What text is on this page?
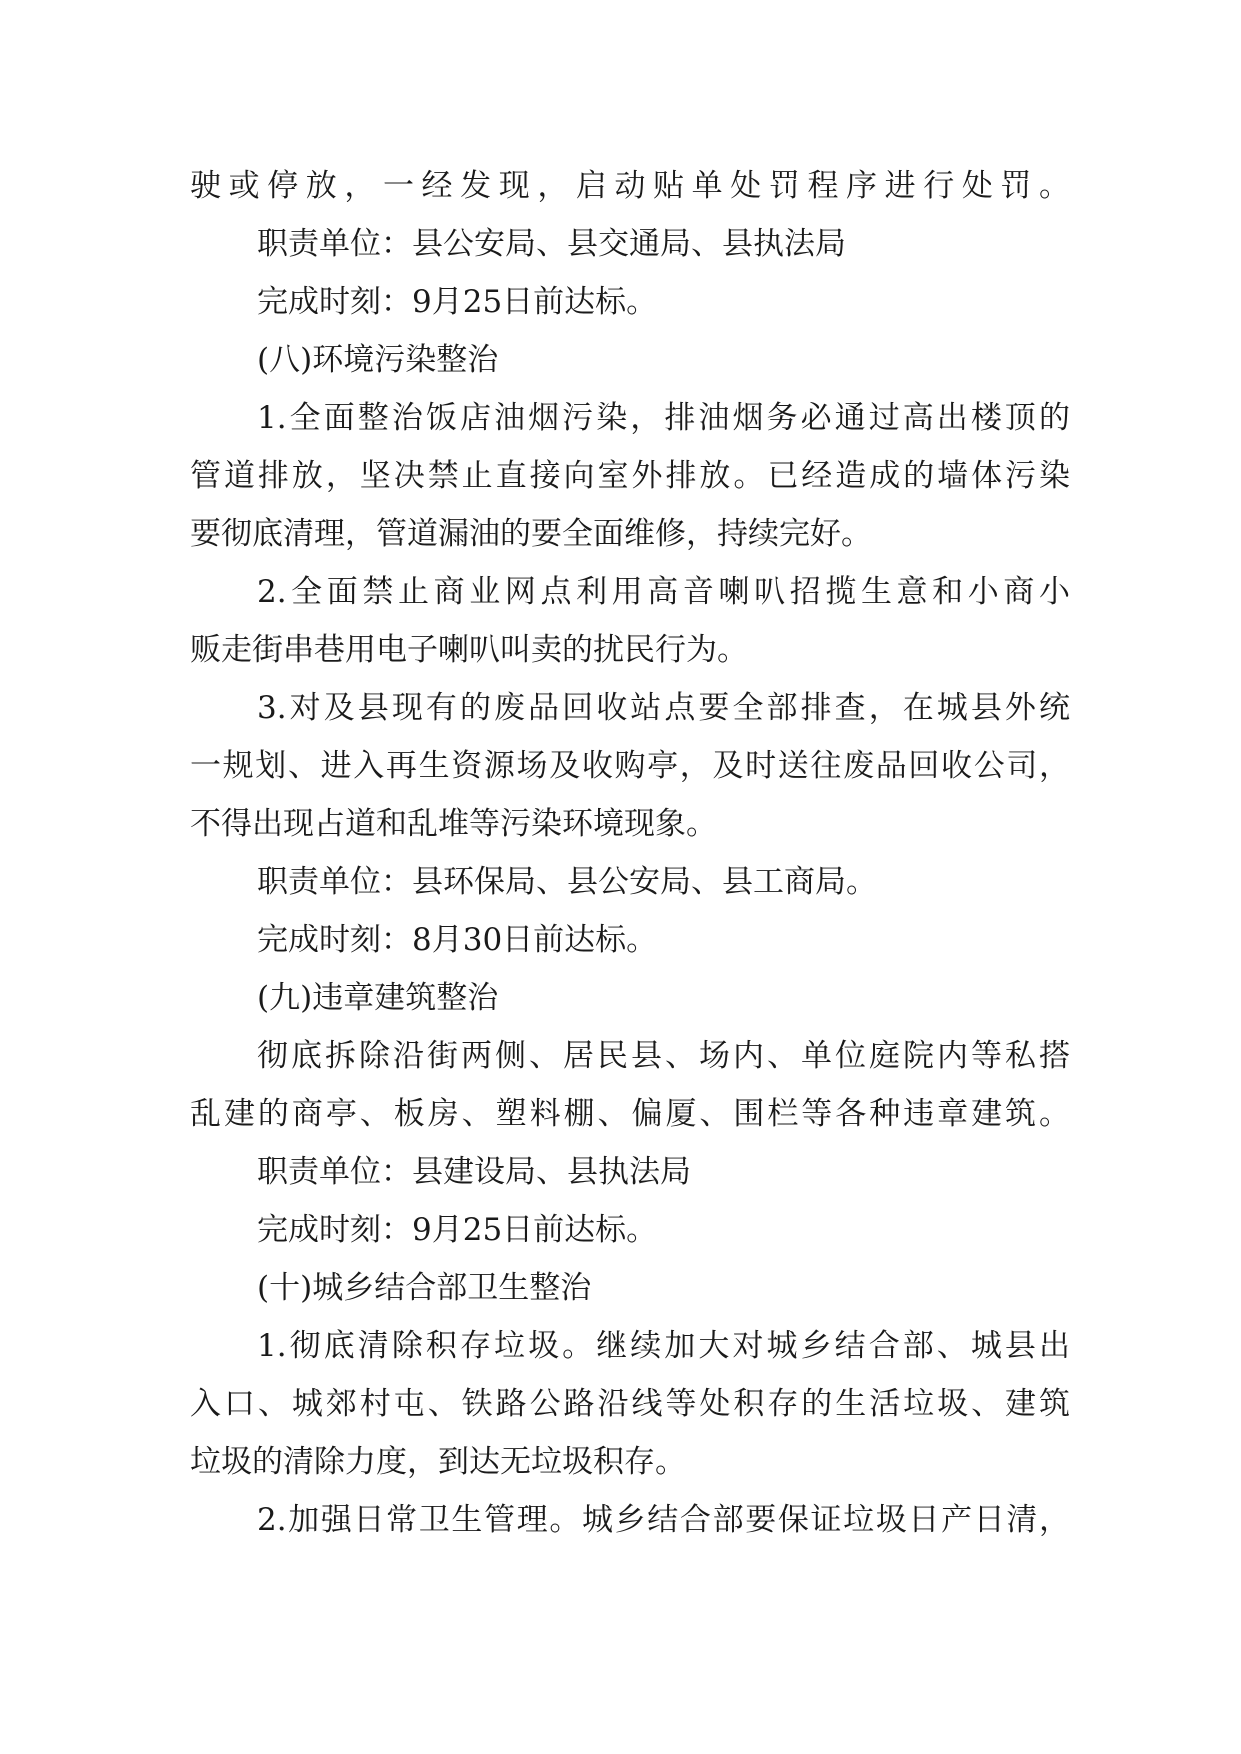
驶或停放，一经发现，启动贴单处罚程序进行处罚。
职责单位：县公安局、县交通局、县执法局
完成时刻：9月25日前达标。
(八)环境污染整治
1.全面整治饭店油烟污染，排油烟务必通过高出楼顶的
管道排放，坚决禁止直接向室外排放。已经造成的墙体污染
要彻底清理，管道漏油的要全面维修，持续完好。
2.全面禁止商业网点利用高音喇叭招揽生意和小商小
贩走街串巷用电子喇叭叫卖的扰民行为。
3.对及县现有的废品回收站点要全部排查，在城县外统
一规划、进入再生资源场及收购亭，及时送往废品回收公司，
不得出现占道和乱堆等污染环境现象。
职责单位：县环保局、县公安局、县工商局。
完成时刻：8月30日前达标。
(九)违章建筑整治
彻底拆除沿街两侧、居民县、场内、单位庭院内等私搭
乱建的商亭、板房、塑料棚、偏厦、围栏等各种违章建筑。
职责单位：县建设局、县执法局
完成时刻：9月25日前达标。
(十)城乡结合部卫生整治
1.彻底清除积存垃圾。继续加大对城乡结合部、城县出
入口、城郊村屯、铁路公路沿线等处积存的生活垃圾、建筑
垃圾的清除力度，到达无垃圾积存。
2.加强日常卫生管理。城乡结合部要保证垃圾日产日清，
